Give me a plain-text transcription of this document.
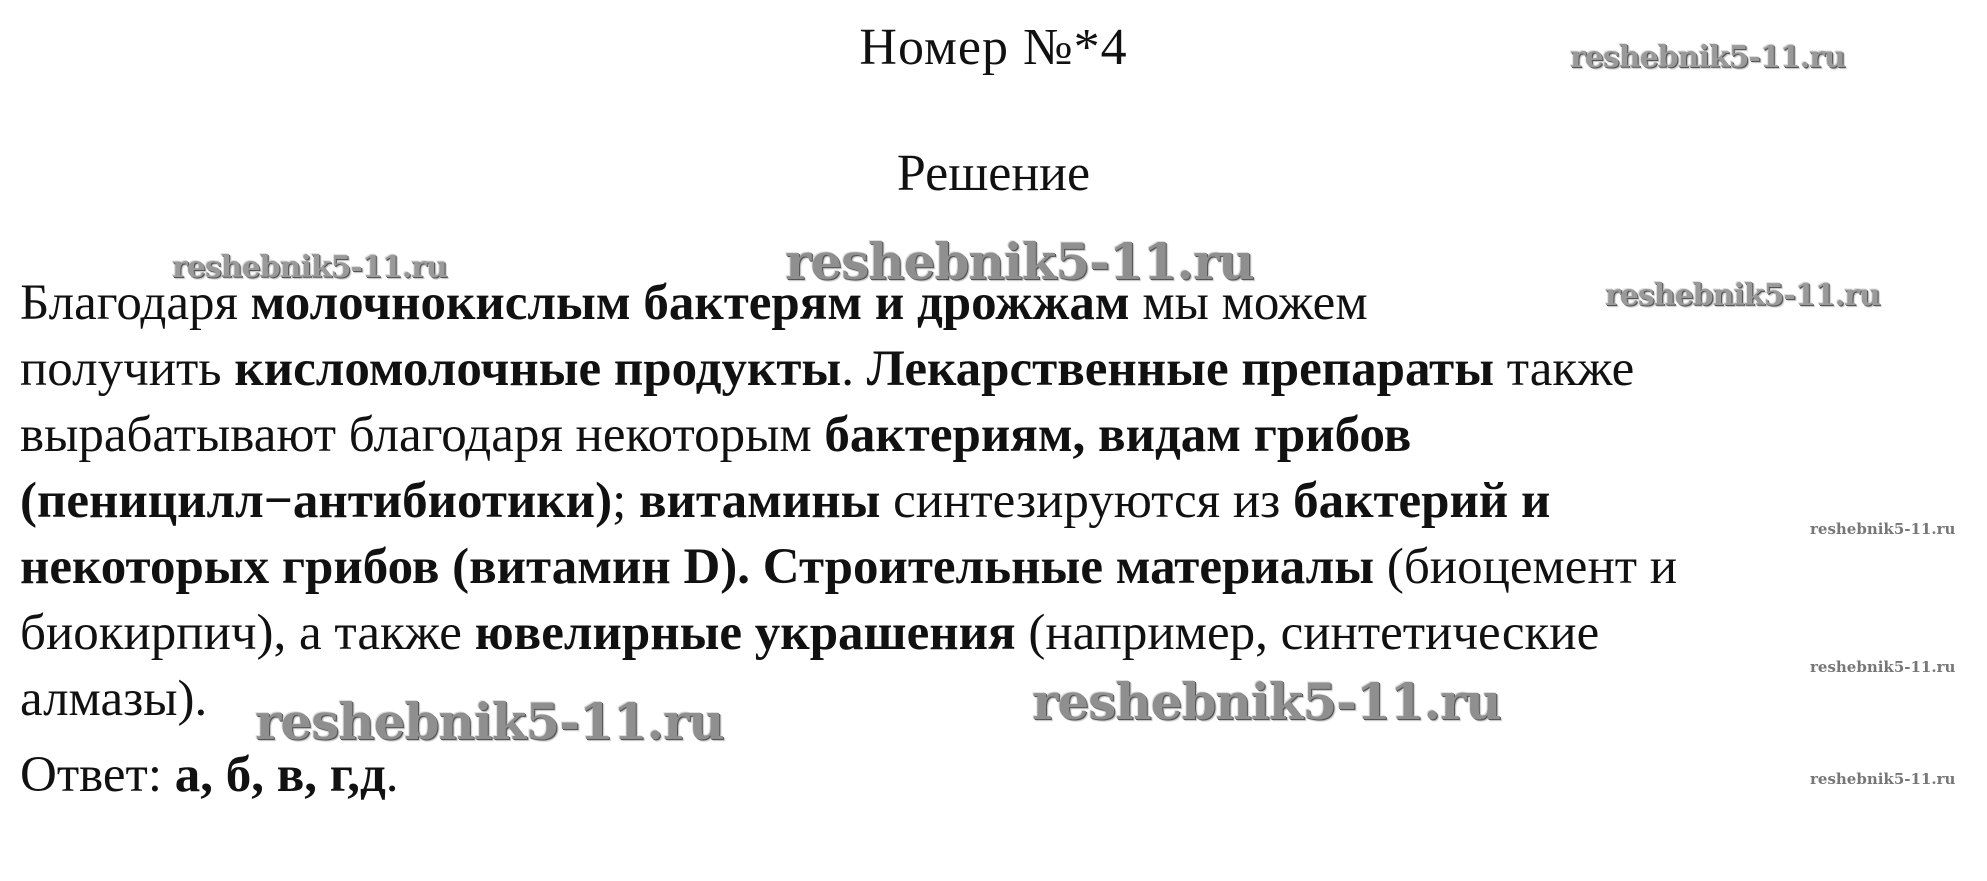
Номер №*4
Решение
Благодаря молочнокислым бактерям и дрожжам мы можем
получить кисломолочные продукты. Лекарственные препараты также
вырабатывают благодаря некоторым бактериям, видам грибов
(пеницилл−антибиотики); витамины синтезируются из бактерий и
некоторых грибов (витамин D). Строительные материалы (биоцемент и
биокирпич), а также ювелирные украшения (например, синтетические
алмазы).
Ответ: а, б, в, г,д.
reshebnik5-11.ru
reshebnik5-11.ru	reshebnik5-11.ru
reshebnik5-11.ru
reshebnik5-11.ru
reshebnik5-11.ru
reshebnik5-11.ru
reshebnik5-11.ru
reshebnik5-11.ru
